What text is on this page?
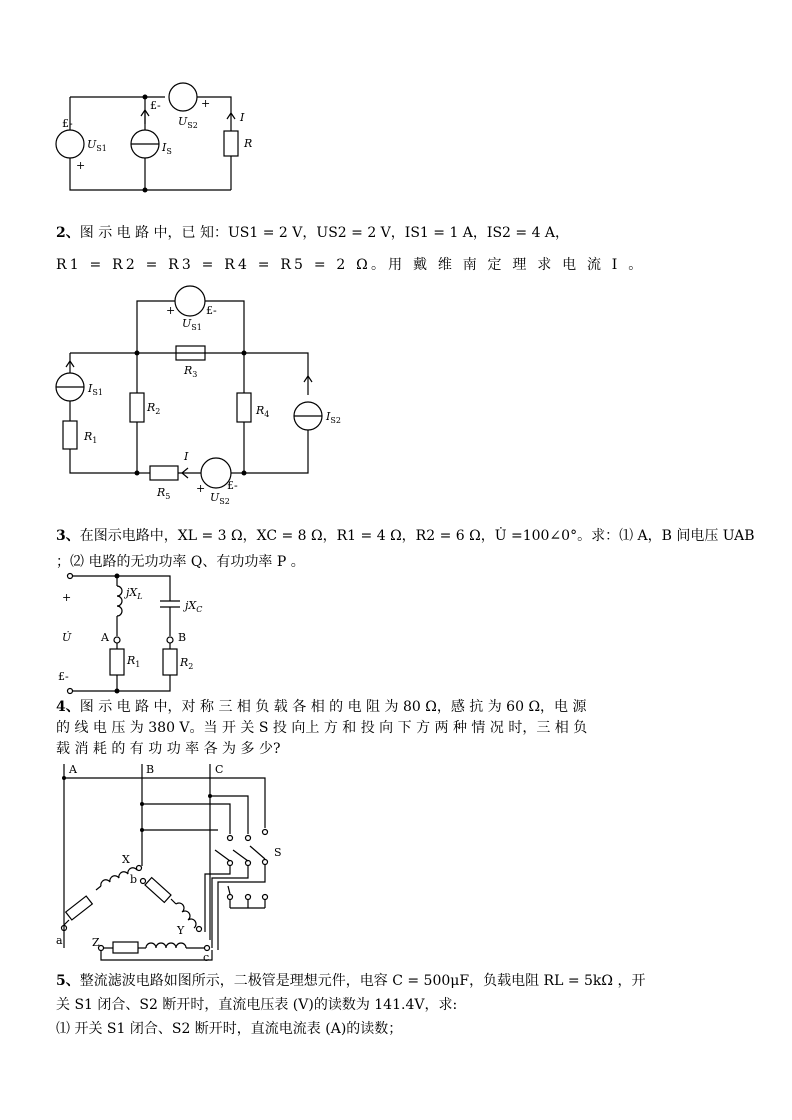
£-
$U_{S1}$
+
£-
$I_S$
$U_{S2}$
+
I
R
2、图 示 电 路 中，已 知：US1 = 2 V，US2 = 2 V，IS1 = 1 A，IS2 = 4 A，
R1 = R2 = R3 = R4 = R5 = 2 Ω。用 戴 维 南 定 理 求 电 流 I 。
+	£-
$U_{S1}$
$R_3$
$I_{S1}$
$R_2$	$R_4$	$I_{S2}$
$R_1$
I
$R_5$
+ £-
$U_{S2}$
3、在图示电路中，XL = 3 Ω，XC = 8 Ω，R1 = 4 Ω，R2 = 6 Ω，U̇ =100∠0°。求：⑴ A，B 间电压 UAB
；⑵ 电路的无功功率 Q、有功功率 P 。
+
U̇
£-
$jX_L$
$jX_C$
A	B
$R_1$	$R_2$
4、图 示 电 路 中，对 称 三 相 负 载 各 相 的 电 阻 为 80 Ω，感 抗 为 60 Ω，电 源
的 线 电 压 为 380 V。当 开 关 S 投 向上 方 和 投 向 下 方 两 种 情 况 时，三 相 负
载 消 耗 的 有 功 功 率 各 为 多 少?
A	B	C
S
X
b
Y
a	Z
c
5、整流滤波电路如图所示，二极管是理想元件，电容 C = 500μF，负载电阻 RL = 5kΩ ，开
关 S1 闭合、S2 断开时，直流电压表 (V)的读数为 141.4V，求:
⑴ 开关 S1 闭合、S2 断开时，直流电流表 (A)的读数；
